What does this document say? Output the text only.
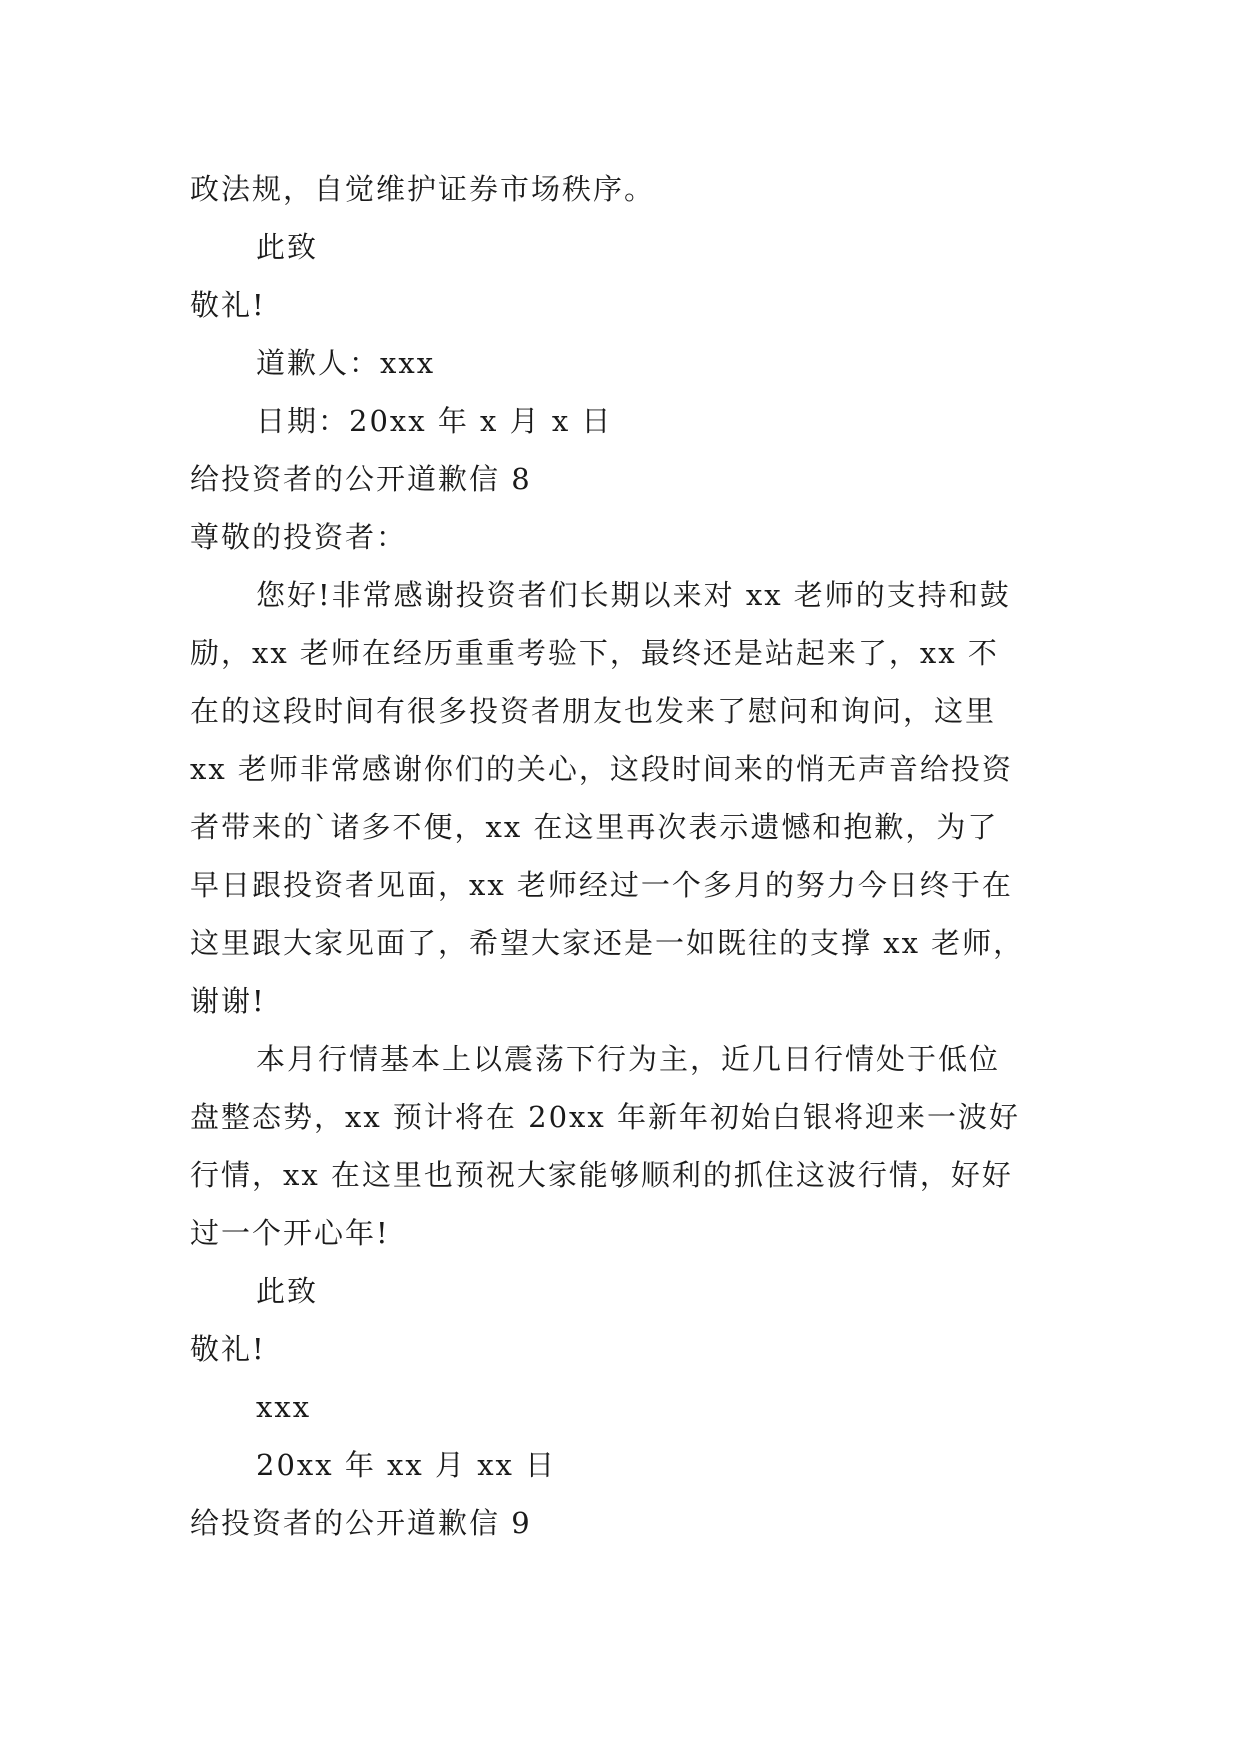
政法规，自觉维护证券市场秩序。
此致
敬礼!
道歉人：xxx
日期：20xx 年 x 月 x 日
给投资者的公开道歉信 8
尊敬的投资者：
您好!非常感谢投资者们长期以来对 xx 老师的支持和鼓
励，xx 老师在经历重重考验下，最终还是站起来了，xx 不
在的这段时间有很多投资者朋友也发来了慰问和询问，这里
xx 老师非常感谢你们的关心，这段时间来的悄无声音给投资
者带来的`诸多不便，xx 在这里再次表示遗憾和抱歉，为了
早日跟投资者见面，xx 老师经过一个多月的努力今日终于在
这里跟大家见面了，希望大家还是一如既往的支撑 xx 老师，
谢谢!
本月行情基本上以震荡下行为主，近几日行情处于低位
盘整态势，xx 预计将在 20xx 年新年初始白银将迎来一波好
行情，xx 在这里也预祝大家能够顺利的抓住这波行情，好好
过一个开心年!
此致
敬礼!
xxx
20xx 年 xx 月 xx 日
给投资者的公开道歉信 9
